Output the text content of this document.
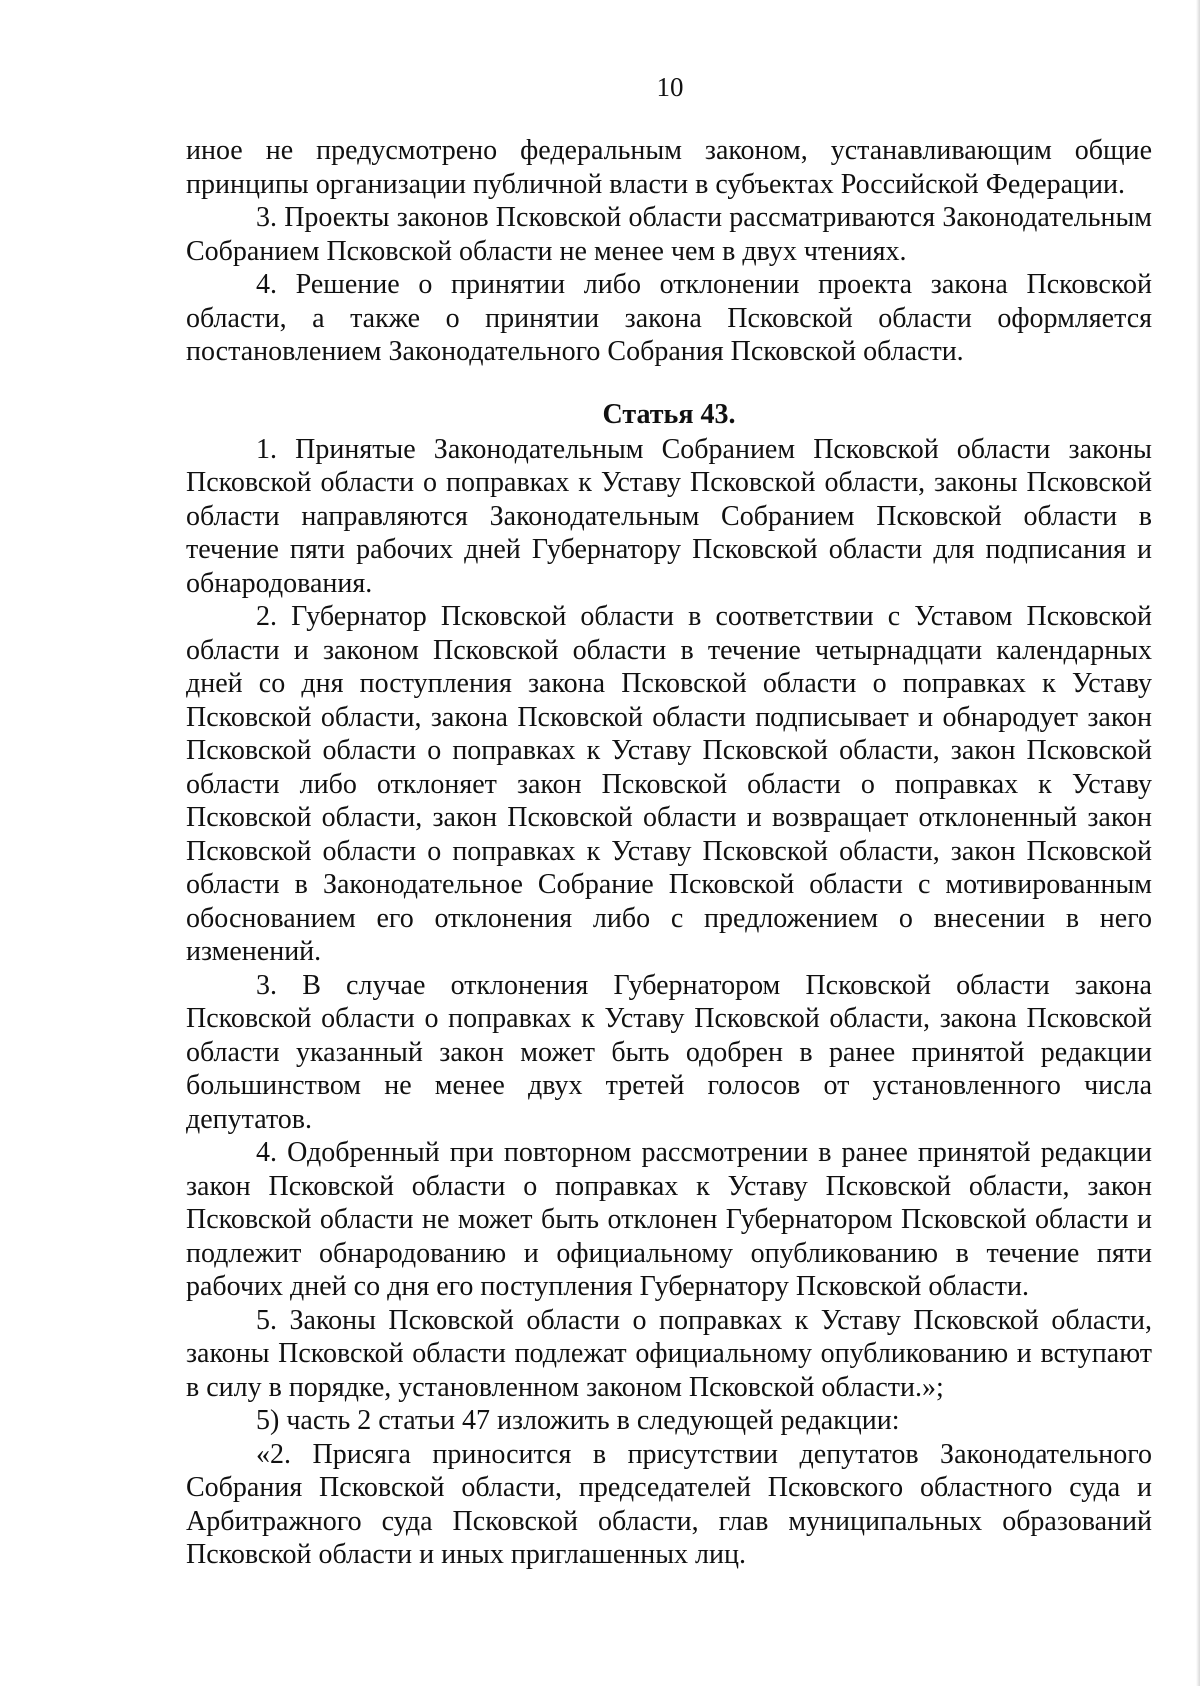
10

иное не предусмотрено федеральным законом, устанавливающим общие принципы организации публичной власти в субъектах Российской Федерации.

3. Проекты законов Псковской области рассматриваются Законодательным Собранием Псковской области не менее чем в двух чтениях.

4. Решение о принятии либо отклонении проекта закона Псковской области, а также о принятии закона Псковской области оформляется постановлением Законодательного Собрания Псковской области.

Статья 43.

1. Принятые Законодательным Собранием Псковской области законы Псковской области о поправках к Уставу Псковской области, законы Псковской области направляются Законодательным Собранием Псковской области в течение пяти рабочих дней Губернатору Псковской области для подписания и обнародования.

2. Губернатор Псковской области в соответствии с Уставом Псковской области и законом Псковской области в течение четырнадцати календарных дней со дня поступления закона Псковской области о поправках к Уставу Псковской области, закона Псковской области подписывает и обнародует закон Псковской области о поправках к Уставу Псковской области, закон Псковской области либо отклоняет закон Псковской области о поправках к Уставу Псковской области, закон Псковской области и возвращает отклоненный закон Псковской области о поправках к Уставу Псковской области, закон Псковской области в Законодательное Собрание Псковской области с мотивированным обоснованием его отклонения либо с предложением о внесении в него изменений.

3. В случае отклонения Губернатором Псковской области закона Псковской области о поправках к Уставу Псковской области, закона Псковской области указанный закон может быть одобрен в ранее принятой редакции большинством не менее двух третей голосов от установленного числа депутатов.

4. Одобренный при повторном рассмотрении в ранее принятой редакции закон Псковской области о поправках к Уставу Псковской области, закон Псковской области не может быть отклонен Губернатором Псковской области и подлежит обнародованию и официальному опубликованию в течение пяти рабочих дней со дня его поступления Губернатору Псковской области.

5. Законы Псковской области о поправках к Уставу Псковской области, законы Псковской области подлежат официальному опубликованию и вступают в силу в порядке, установленном законом Псковской области.»;

5) часть 2 статьи 47 изложить в следующей редакции:

«2. Присяга приносится в присутствии депутатов Законодательного Собрания Псковской области, председателей Псковского областного суда и Арбитражного суда Псковской области, глав муниципальных образований Псковской области и иных приглашенных лиц.
